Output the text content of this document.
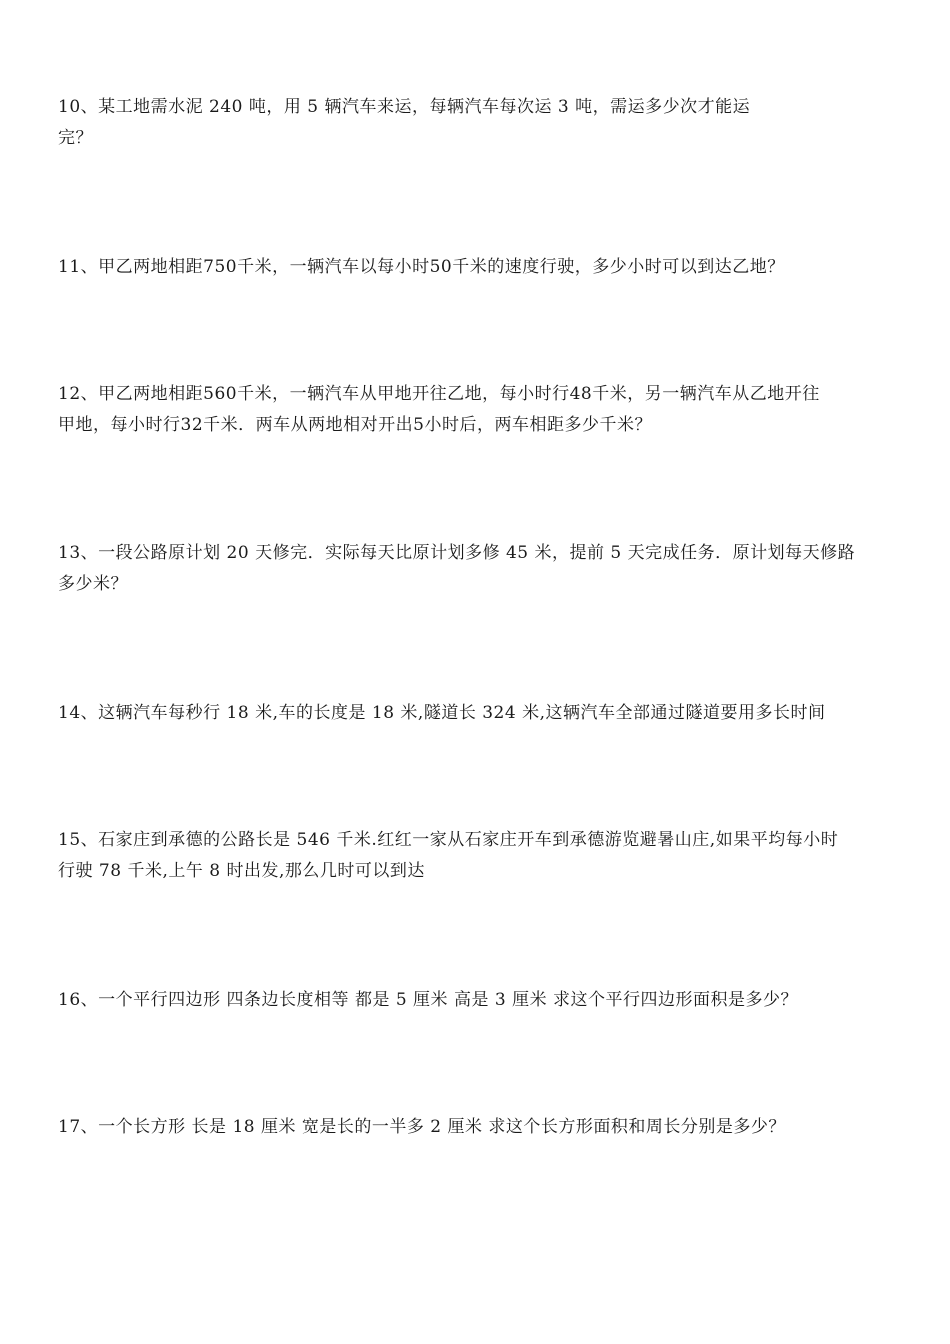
10、某工地需水泥 240 吨，用 5 辆汽车来运，每辆汽车每次运 3 吨，需运多少次才能运
完？
11、甲乙两地相距750千米，一辆汽车以每小时50千米的速度行驶，多少小时可以到达乙地？
12、甲乙两地相距560千米，一辆汽车从甲地开往乙地，每小时行48千米，另一辆汽车从乙地开往
甲地，每小时行32千米．两车从两地相对开出5小时后，两车相距多少千米？
13、一段公路原计划 20 天修完．实际每天比原计划多修 45 米，提前 5 天完成任务．原计划每天修路
多少米？
14、这辆汽车每秒行 18 米,车的长度是 18 米,隧道长 324 米,这辆汽车全部通过隧道要用多长时间
15、石家庄到承德的公路长是 546 千米.红红一家从石家庄开车到承德游览避暑山庄,如果平均每小时
行驶 78 千米,上午 8 时出发,那么几时可以到达
16、一个平行四边形 四条边长度相等 都是 5 厘米 高是 3 厘米 求这个平行四边形面积是多少？
17、一个长方形 长是 18 厘米 宽是长的一半多 2 厘米 求这个长方形面积和周长分别是多少？
